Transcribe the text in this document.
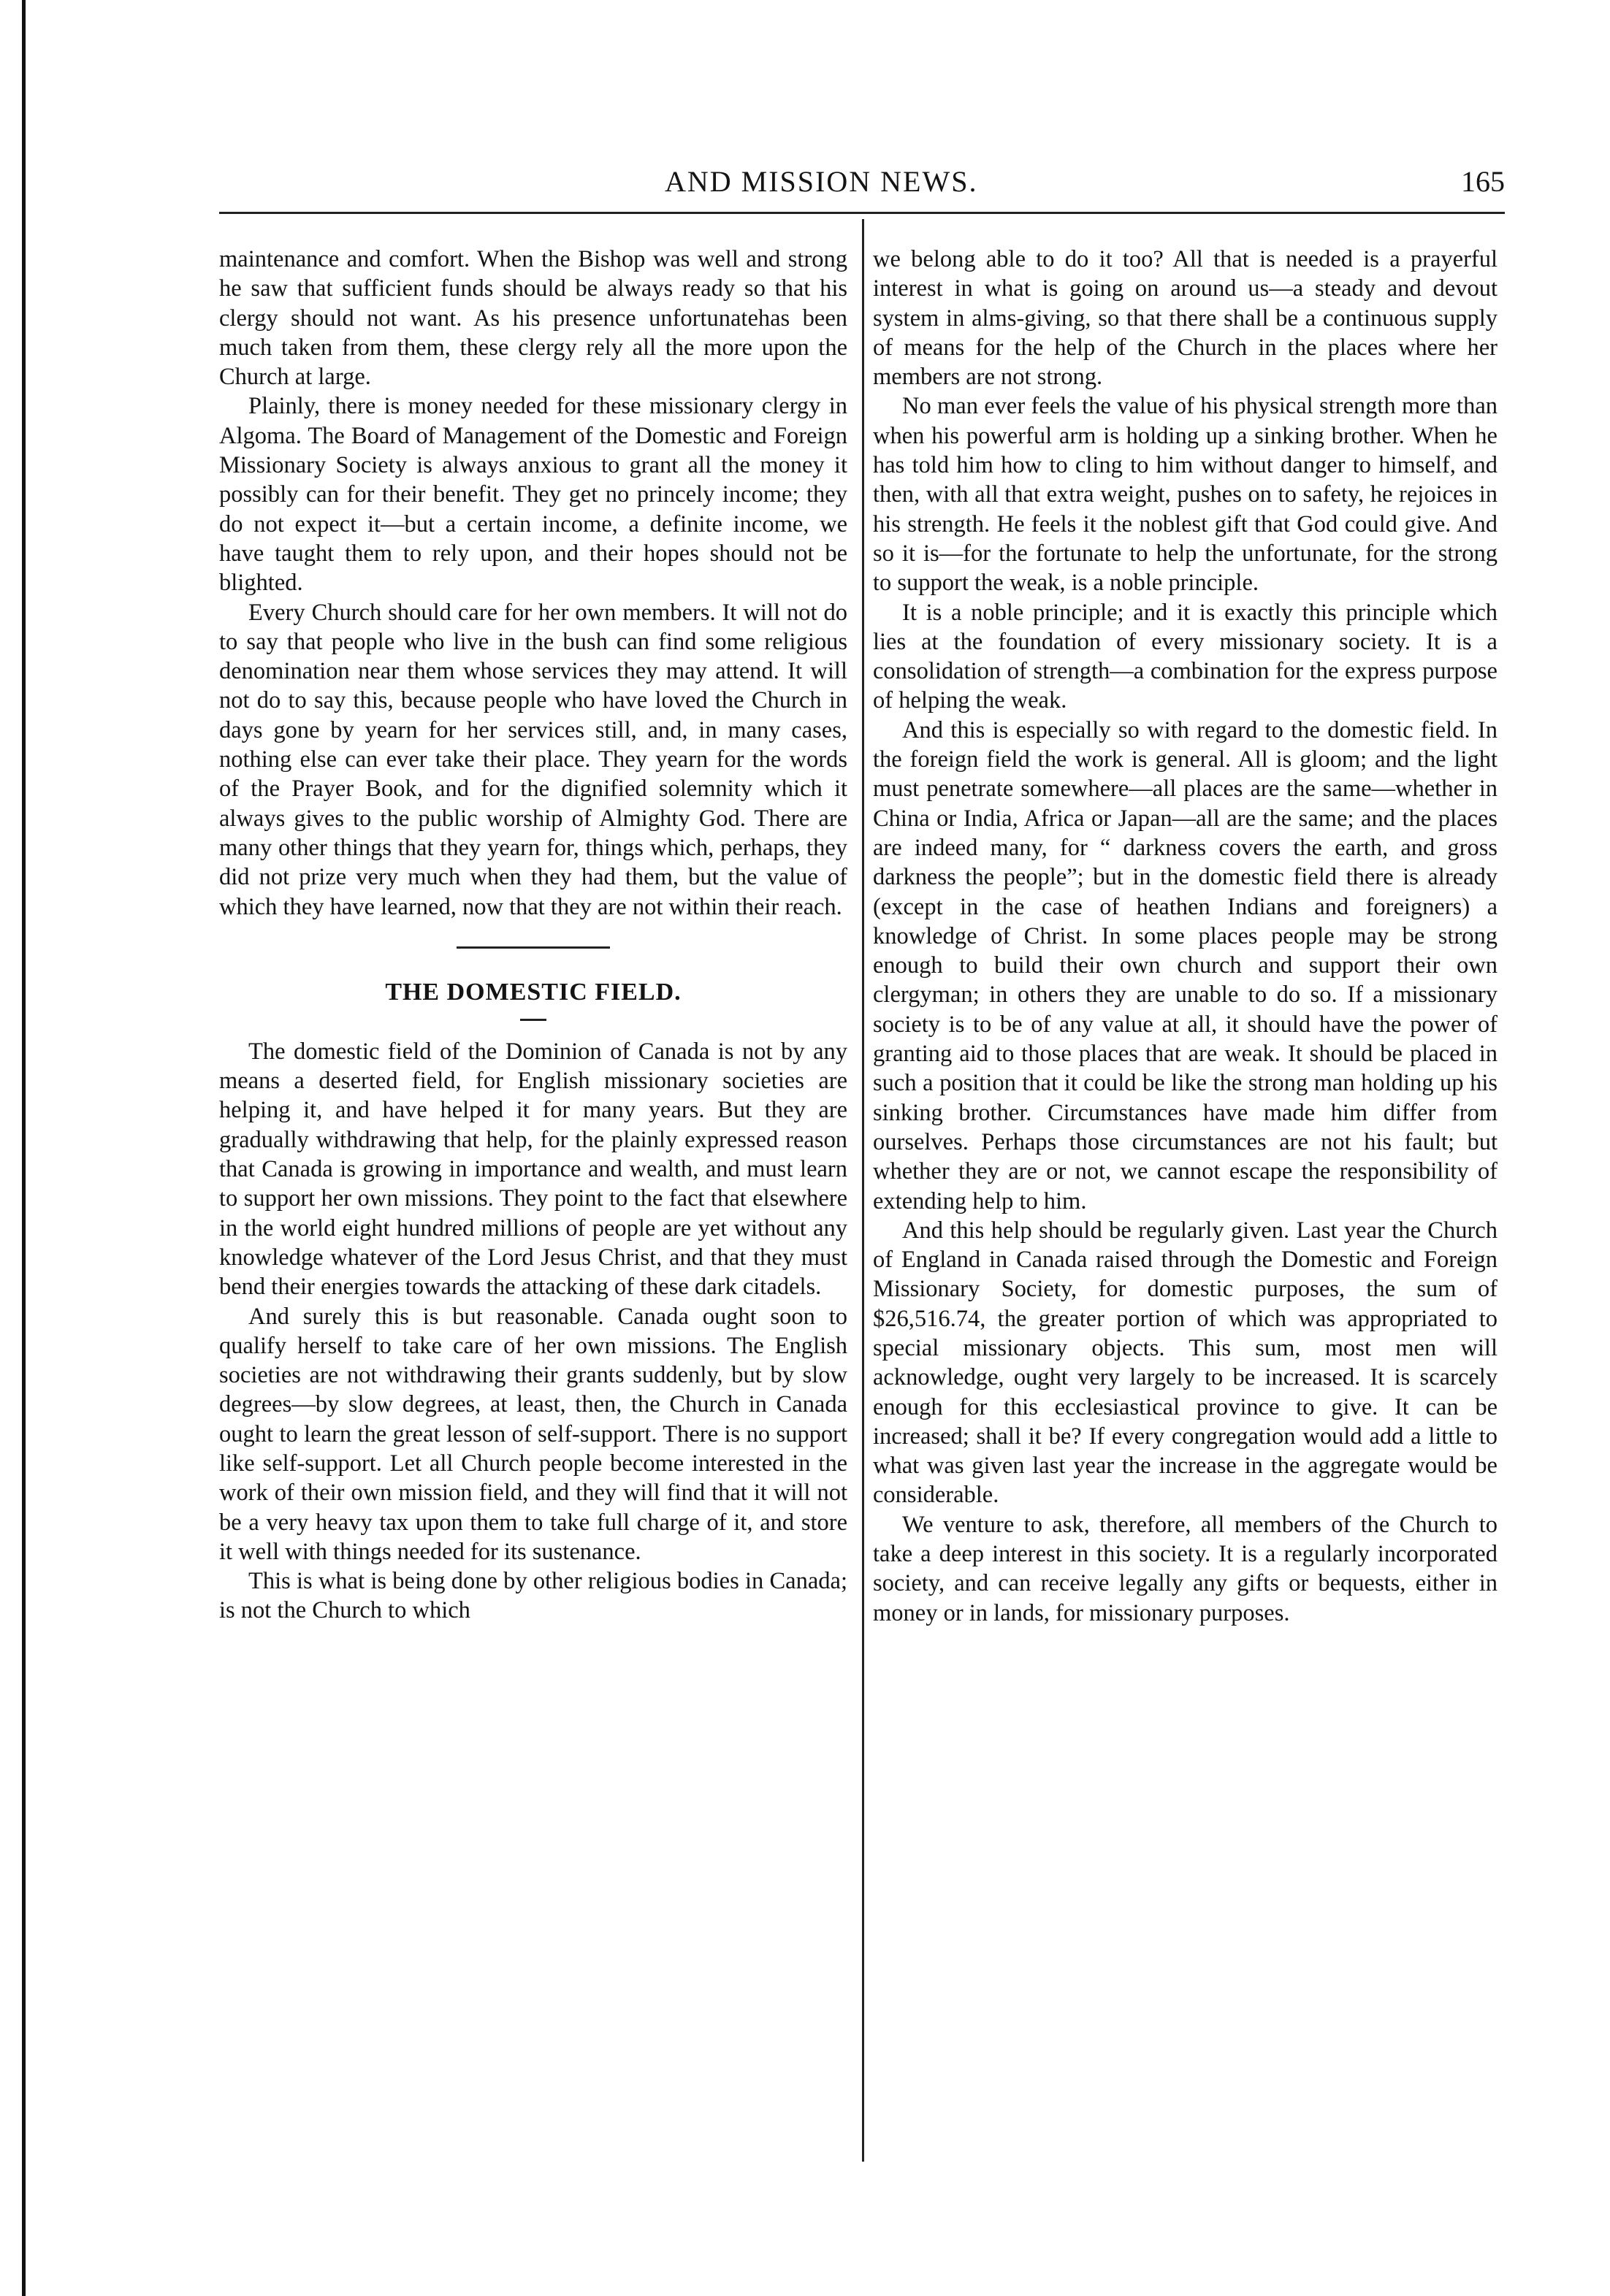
AND MISSION NEWS.	165

maintenance and comfort. When the Bishop was well and strong he saw that sufficient funds should be always ready so that his clergy should not want. As his presence unfortunatehas been much taken from them, these clergy rely all the more upon the Church at large.

Plainly, there is money needed for these missionary clergy in Algoma. The Board of Management of the Domestic and Foreign Missionary Society is always anxious to grant all the money it possibly can for their benefit. They get no princely income; they do not expect it—but a certain income, a definite income, we have taught them to rely upon, and their hopes should not be blighted.

Every Church should care for her own members. It will not do to say that people who live in the bush can find some religious denomination near them whose services they may attend. It will not do to say this, because people who have loved the Church in days gone by yearn for her services still, and, in many cases, nothing else can ever take their place. They yearn for the words of the Prayer Book, and for the dignified solemnity which it always gives to the public worship of Almighty God. There are many other things that they yearn for, things which, perhaps, they did not prize very much when they had them, but the value of which they have learned, now that they are not within their reach.

THE DOMESTIC FIELD.

The domestic field of the Dominion of Canada is not by any means a deserted field, for English missionary societies are helping it, and have helped it for many years. But they are gradually withdrawing that help, for the plainly expressed reason that Canada is growing in importance and wealth, and must learn to support her own missions. They point to the fact that elsewhere in the world eight hundred millions of people are yet without any knowledge whatever of the Lord Jesus Christ, and that they must bend their energies towards the attacking of these dark citadels.

And surely this is but reasonable. Canada ought soon to qualify herself to take care of her own missions. The English societies are not withdrawing their grants suddenly, but by slow degrees—by slow degrees, at least, then, the Church in Canada ought to learn the great lesson of self-support. There is no support like self-support. Let all Church people become interested in the work of their own mission field, and they will find that it will not be a very heavy tax upon them to take full charge of it, and store it well with things needed for its sustenance.

This is what is being done by other religious bodies in Canada; is not the Church to which

we belong able to do it too? All that is needed is a prayerful interest in what is going on around us—a steady and devout system in alms-giving, so that there shall be a continuous supply of means for the help of the Church in the places where her members are not strong.

No man ever feels the value of his physical strength more than when his powerful arm is holding up a sinking brother. When he has told him how to cling to him without danger to himself, and then, with all that extra weight, pushes on to safety, he rejoices in his strength. He feels it the noblest gift that God could give. And so it is—for the fortunate to help the unfortunate, for the strong to support the weak, is a noble principle.

It is a noble principle; and it is exactly this principle which lies at the foundation of every missionary society. It is a consolidation of strength—a combination for the express purpose of helping the weak.

And this is especially so with regard to the domestic field. In the foreign field the work is general. All is gloom; and the light must penetrate somewhere—all places are the same—whether in China or India, Africa or Japan—all are the same; and the places are indeed many, for “ darkness covers the earth, and gross darkness the people”; but in the domestic field there is already (except in the case of heathen Indians and foreigners) a knowledge of Christ. In some places people may be strong enough to build their own church and support their own clergyman; in others they are unable to do so. If a missionary society is to be of any value at all, it should have the power of granting aid to those places that are weak. It should be placed in such a position that it could be like the strong man holding up his sinking brother. Circumstances have made him differ from ourselves. Perhaps those circumstances are not his fault; but whether they are or not, we cannot escape the responsibility of extending help to him.

And this help should be regularly given. Last year the Church of England in Canada raised through the Domestic and Foreign Missionary Society, for domestic purposes, the sum of $26,516.74, the greater portion of which was appropriated to special missionary objects. This sum, most men will acknowledge, ought very largely to be increased. It is scarcely enough for this ecclesiastical province to give. It can be increased; shall it be? If every congregation would add a little to what was given last year the increase in the aggregate would be considerable.

We venture to ask, therefore, all members of the Church to take a deep interest in this society. It is a regularly incorporated society, and can receive legally any gifts or bequests, either in money or in lands, for missionary purposes.
